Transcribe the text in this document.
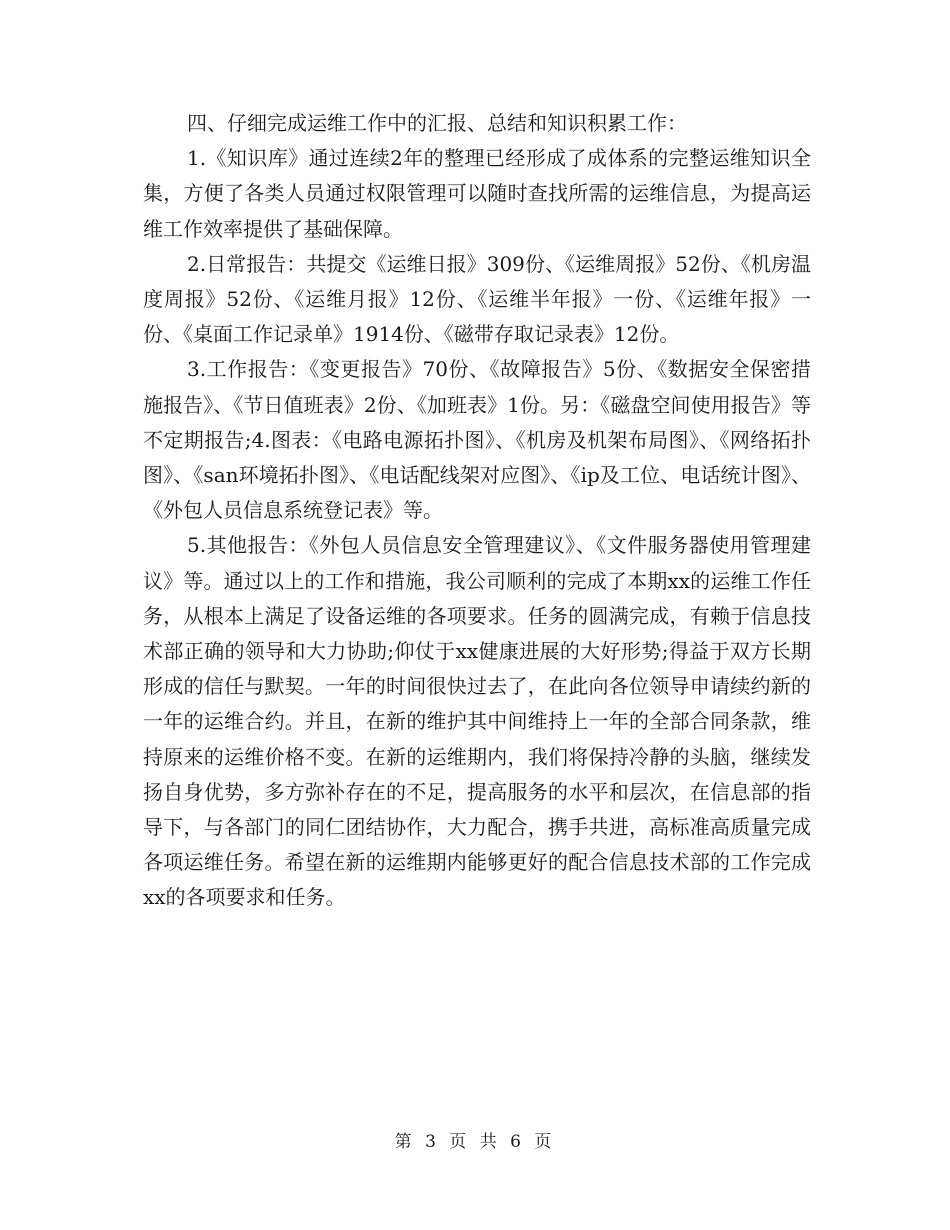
四、仔细完成运维工作中的汇报、总结和知识积累工作：

1.《知识库》通过连续2年的整理已经形成了成体系的完整运维知识全集，方便了各类人员通过权限管理可以随时查找所需的运维信息，为提高运维工作效率提供了基础保障。

2.日常报告：共提交《运维日报》309份、《运维周报》52份、《机房温度周报》52份、《运维月报》12份、《运维半年报》一份、《运维年报》一份、《桌面工作记录单》1914份、《磁带存取记录表》12份。

3.工作报告：《变更报告》70份、《故障报告》5份、《数据安全保密措施报告》、《节日值班表》2份、《加班表》1份。另：《磁盘空间使用报告》等不定期报告;4.图表：《电路电源拓扑图》、《机房及机架布局图》、《网络拓扑图》、《san环境拓扑图》、《电话配线架对应图》、《ip及工位、电话统计图》、《外包人员信息系统登记表》等。

5.其他报告：《外包人员信息安全管理建议》、《文件服务器使用管理建议》等。通过以上的工作和措施，我公司顺利的完成了本期xx的运维工作任务，从根本上满足了设备运维的各项要求。任务的圆满完成，有赖于信息技术部正确的领导和大力协助;仰仗于xx健康进展的大好形势;得益于双方长期形成的信任与默契。一年的时间很快过去了，在此向各位领导申请续约新的一年的运维合约。并且，在新的维护其中间维持上一年的全部合同条款，维持原来的运维价格不变。在新的运维期内，我们将保持冷静的头脑，继续发扬自身优势，多方弥补存在的不足，提高服务的水平和层次，在信息部的指导下，与各部门的同仁团结协作，大力配合，携手共进，高标准高质量完成各项运维任务。希望在新的运维期内能够更好的配合信息技术部的工作完成xx的各项要求和任务。

第 3 页 共 6 页
